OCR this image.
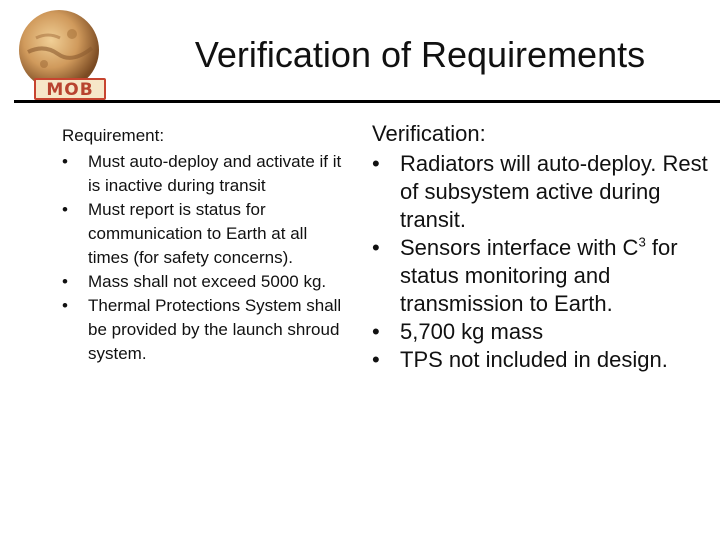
MOB
Verification of Requirements
Requirement:
• Must auto-deploy and activate if it is inactive during transit
• Must report is status for communication to Earth at all times (for safety concerns).
• Mass shall not exceed 5000 kg.
• Thermal Protections System shall be provided by the launch shroud system.
Verification:
• Radiators will auto-deploy. Rest of subsystem active during transit.
• Sensors interface with $C^3$ for status monitoring and transmission to Earth.
• 5,700 kg mass
• TPS not included in design.
